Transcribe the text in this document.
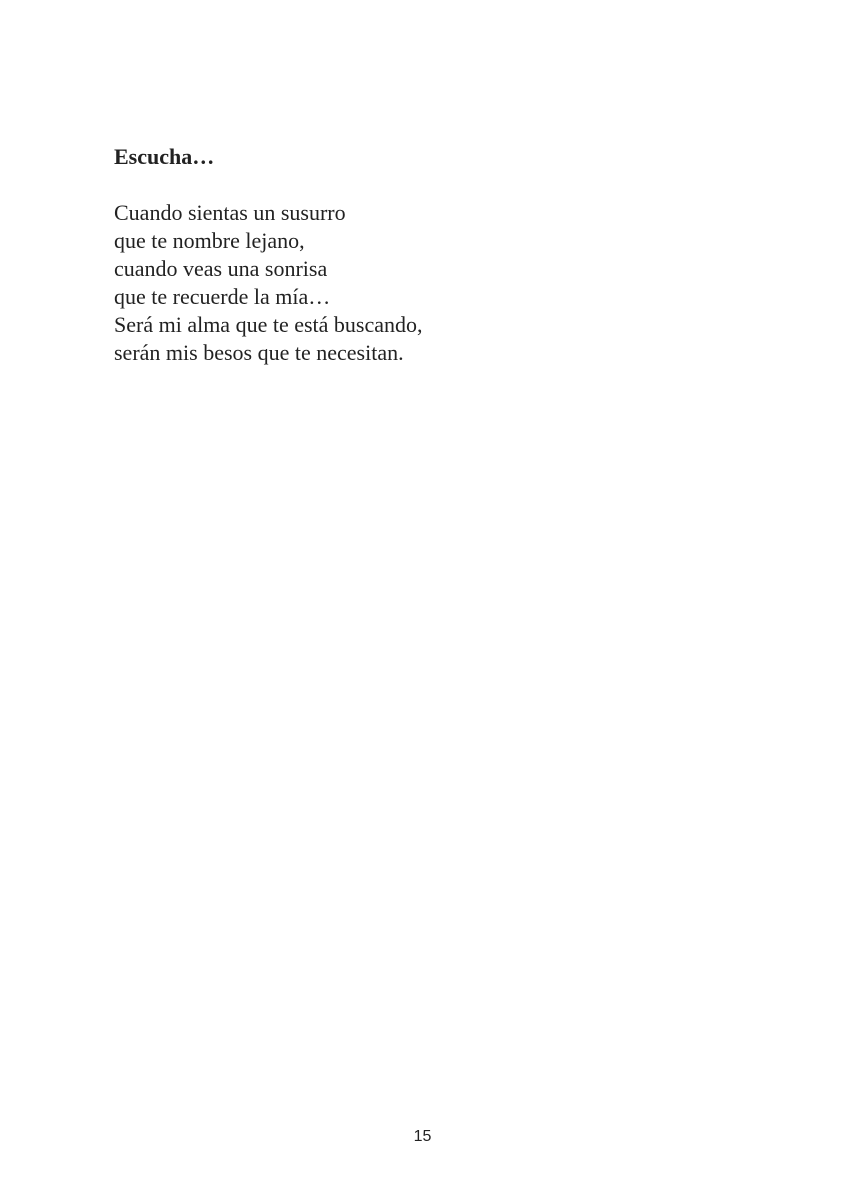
Escucha…
Cuando sientas un susurro
que te nombre lejano,
cuando veas una sonrisa
que te recuerde la mía…
Será mi alma que te está buscando,
serán mis besos que te necesitan.
15
